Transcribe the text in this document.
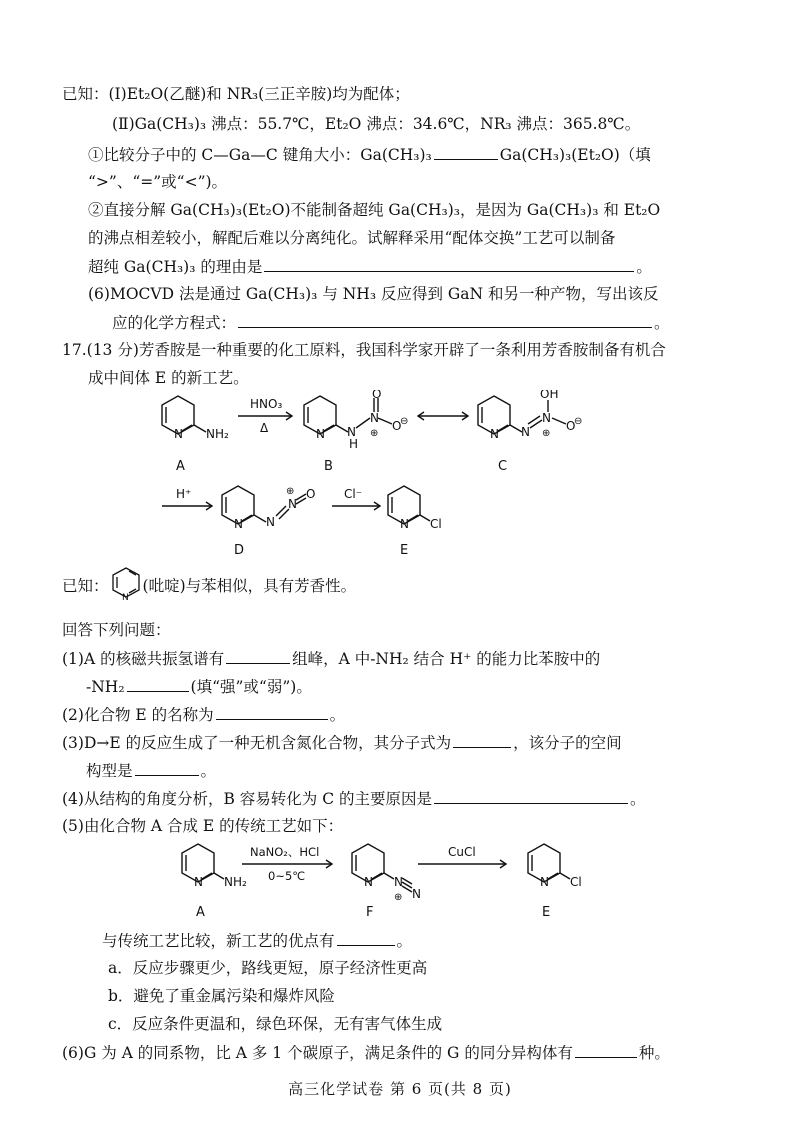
已知：(Ⅰ)Et₂O(乙醚)和 NR₃(三正辛胺)均为配体；
(Ⅱ)Ga(CH₃)₃ 沸点：55.7℃，Et₂O 沸点：34.6℃，NR₃ 沸点：365.8℃。
①比较分子中的 C—Ga—C 键角大小：Ga(CH₃)₃	Ga(CH₃)₃(Et₂O)（填
“>”、“=”或“<”)。
②直接分解 Ga(CH₃)₃(Et₂O)不能制备超纯 Ga(CH₃)₃，是因为 Ga(CH₃)₃ 和 Et₂O
的沸点相差较小，解配后难以分离纯化。试解释采用“配体交换”工艺可以制备
超纯 Ga(CH₃)₃ 的理由是	。
(6)MOCVD 法是通过 Ga(CH₃)₃ 与 NH₃ 反应得到 GaN 和另一种产物，写出该反
应的化学方程式：	。
17.(13 分)芳香胺是一种重要的化工原料，我国科学家开辟了一条利用芳香胺制备有机合
成中间体 E 的新工艺。
N NH₂
HNO₃
Δ	N N
H
N
O
O
⊖
⊕	N N
N
OH
O
⊖
⊕
A	B	C
H⁺
N N
N
⊕ O Cl⁻
N Cl
D	E
已知：
N
(吡啶)与苯相似，具有芳香性。
回答下列问题：
(1)A 的核磁共振氢谱有	组峰，A 中-NH₂ 结合 H⁺ 的能力比苯胺中的
-NH₂	(填“强”或“弱”)。
(2)化合物 E 的名称为	。
(3)D→E 的反应生成了一种无机含氮化合物，其分子式为	，该分子的空间
构型是	。
(4)从结构的角度分析，B 容易转化为 C 的主要原因是	。
(5)由化合物 A 合成 E 的传统工艺如下：
N NH₂
NaNO₂、HCl
0~5℃	N N
N
⊕
CuCl
N Cl
A	F	E
与传统工艺比较，新工艺的优点有	。
a．反应步骤更少，路线更短，原子经济性更高
b．避免了重金属污染和爆炸风险
c．反应条件更温和，绿色环保，无有害气体生成
(6)G 为 A 的同系物，比 A 多 1 个碳原子，满足条件的 G 的同分异构体有	种。
高三化学试卷 第 6 页(共 8 页)
